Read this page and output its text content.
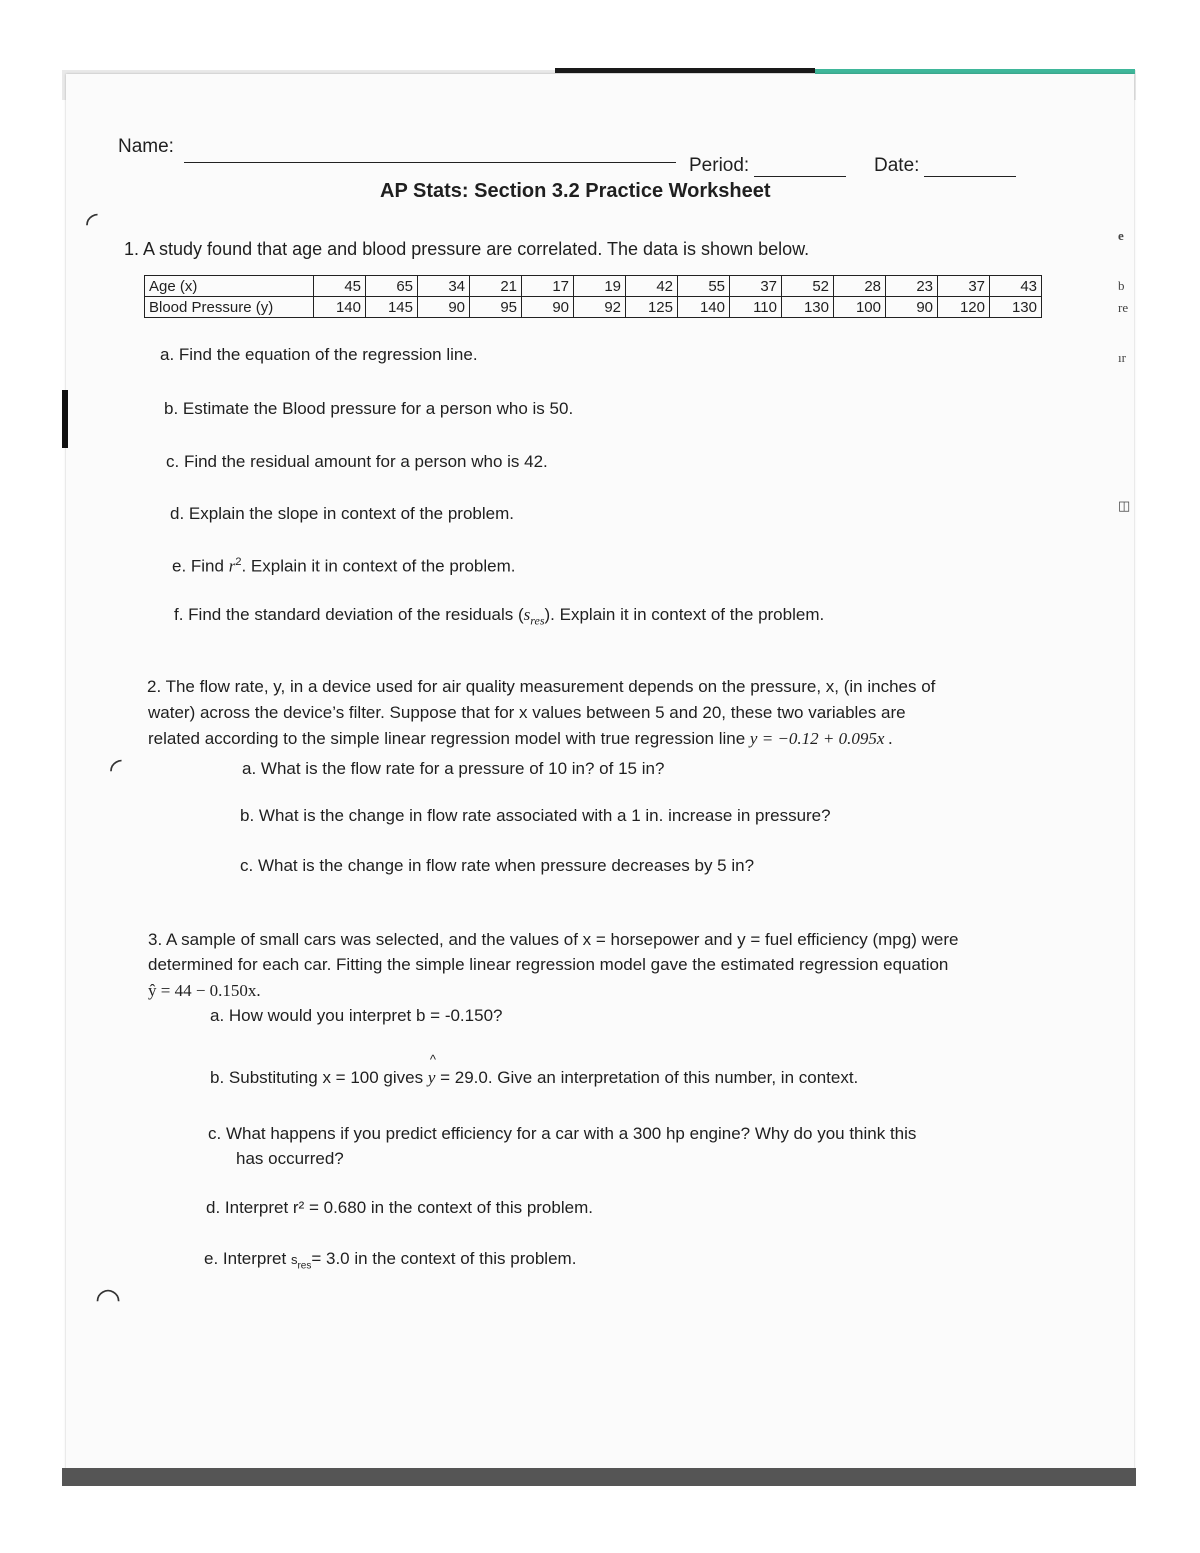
◜
◜
◠
e
b
re
ır
◫
Name:
Period:	Date:
AP Stats: Section 3.2 Practice Worksheet
1. A study found that age and blood pressure are correlated. The data is shown below.
Age (x)	45	65	34	21	17	19	42	55	37	52	28	23	37	43
Blood Pressure (y)	140	145	90	95	90	92	125	140	110	130	100	90	120	130
a. Find the equation of the regression line.
b. Estimate the Blood pressure for a person who is 50.
c. Find the residual amount for a person who is 42.
d. Explain the slope in context of the problem.
e. Find $r^2$. Explain it in context of the problem.
f. Find the standard deviation of the residuals $(s_{res})$. Explain it in context of the problem.
2. The flow rate, y, in a device used for air quality measurement depends on the pressure, x, (in inches of
water) across the device’s filter. Suppose that for x values between 5 and 20, these two variables are
related according to the simple linear regression model with true regression line y = −0.12 + 0.095x .
a. What is the flow rate for a pressure of 10 in? of 15 in?
b. What is the change in flow rate associated with a 1 in. increase in pressure?
c. What is the change in flow rate when pressure decreases by 5 in?
3. A sample of small cars was selected, and the values of x = horsepower and y = fuel efficiency (mpg) were
determined for each car. Fitting the simple linear regression model gave the estimated regression equation
ŷ = 44 − 0.150x.
a. How would you interpret b = -0.150?
b. Substituting x = 100 gives
^
y = 29.0. Give an interpretation of this number, in context.
c. What happens if you predict efficiency for a car with a 300 hp engine? Why do you think this
has occurred?
d. Interpret r² = 0.680 in the context of this problem.
e. Interpret $s_{res}= 3.0$ in the context of this problem.
